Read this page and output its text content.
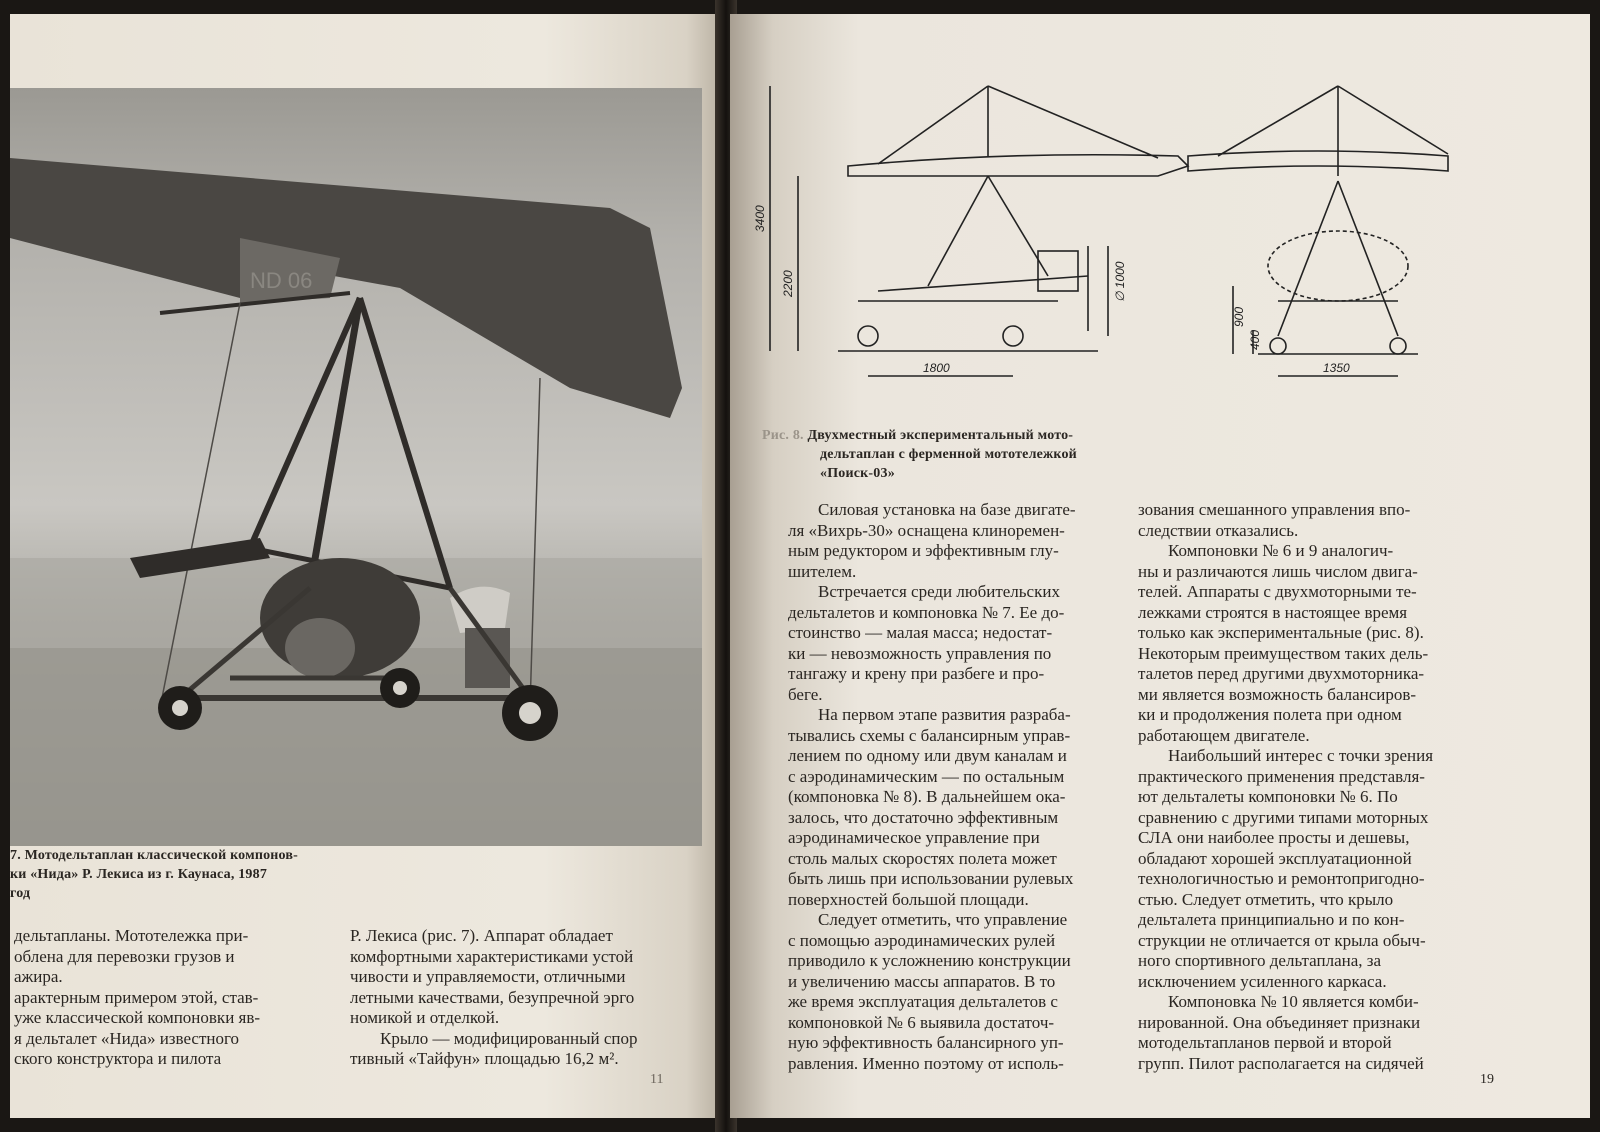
ND 06
7. Мотодельтаплан классической компонов-
ки «Нида» Р. Лекиса из г. Каунаса, 1987
год

дельтапланы. Мототележка при-

облена для перевозки грузов и

ажира.

арактерным примером этой, став-

уже классической компоновки яв-

я дельталет «Нида» известного

ского конструктора и пилота

Р. Лекиса (рис. 7). Аппарат обладает

комфортными характеристиками устой

чивости и управляемости, отличными

летными качествами, безупречной эрго

номикой и отделкой.

Крыло — модифицированный спор

тивный «Тайфун» площадью 16,2 м².

11
3400
2200	∅ 1000
1800
900
400
1350
Рис. 8. Двухместный экспериментальный мото-
дельтаплан с ферменной мототележкой
«Поиск-03»

Силовая установка на базе двигате-

ля «Вихрь-30» оснащена клиноремен-

ным редуктором и эффективным глу-

шителем.

Встречается среди любительских

дельталетов и компоновка № 7. Ее до-

стоинство — малая масса; недостат-

ки — невозможность управления по

тангажу и крену при разбеге и про-

беге.

На первом этапе развития разраба-

тывались схемы с балансирным управ-

лением по одному или двум каналам и

с аэродинамическим — по остальным

(компоновка № 8). В дальнейшем ока-

залось, что достаточно эффективным

аэродинамическое управление при

столь малых скоростях полета может

быть лишь при использовании рулевых

поверхностей большой площади.

Следует отметить, что управление

с помощью аэродинамических рулей

приводило к усложнению конструкции

и увеличению массы аппаратов. В то

же время эксплуатация дельталетов с

компоновкой № 6 выявила достаточ-

ную эффективность балансирного уп-

равления. Именно поэтому от исполь-

зования смешанного управления впо-

следствии отказались.

Компоновки № 6 и 9 аналогич-

ны и различаются лишь числом двига-

телей. Аппараты с двухмоторными те-

лежками строятся в настоящее время

только как экспериментальные (рис. 8).

Некоторым преимуществом таких дель-

талетов перед другими двухмоторника-

ми является возможность балансиров-

ки и продолжения полета при одном

работающем двигателе.

Наибольший интерес с точки зрения

практического применения представля-

ют дельталеты компоновки № 6. По

сравнению с другими типами моторных

СЛА они наиболее просты и дешевы,

обладают хорошей эксплуатационной

технологичностью и ремонтопригодно-

стью. Следует отметить, что крыло

дельталета принципиально и по кон-

струкции не отличается от крыла обыч-

ного спортивного дельтаплана, за

исключением усиленного каркаса.

Компоновка № 10 является комби-

нированной. Она объединяет признаки

мотодельтапланов первой и второй

групп. Пилот располагается на сидячей

19
